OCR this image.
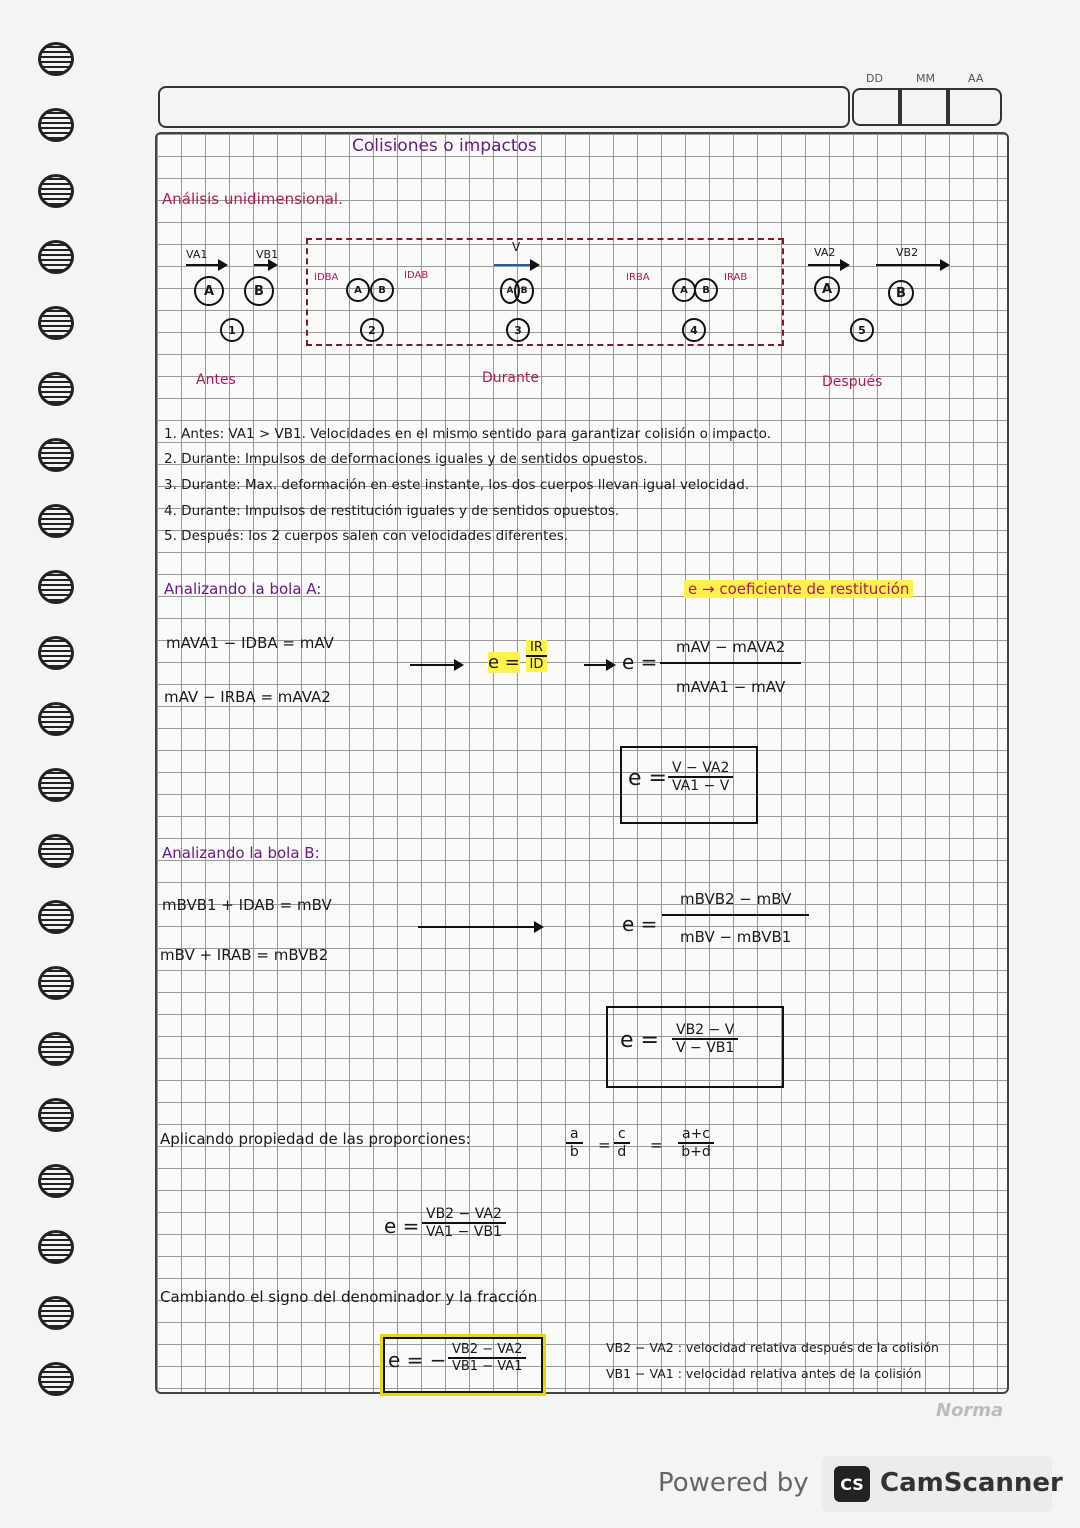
DD	MM	AA
Colisiones o impactos
Análisis unidimensional.
VA1	VB1
A	B
1
IDBA	IDAB
A	B
2
V
A B
3
IRBA	IRAB
A	B
4
VA2	VB2
A	B
5
Antes	Durante	Después
1. Antes: VA1 > VB1. Velocidades en el mismo sentido para garantizar colisión o impacto.
2. Durante: Impulsos de deformaciones iguales y de sentidos opuestos.
3. Durante: Max. deformación en este instante, los dos cuerpos llevan igual velocidad.
4. Durante: Impulsos de restitución iguales y de sentidos opuestos.
5. Después: los 2 cuerpos salen con velocidades diferentes.
Analizando la bola A:	e → coeficiente de restitución
mAVA1 − IDBA = mAV
mAV − IRBA = mAVA2
$e = \frac{IR}{ID}$	e =
mAV − mAVA2
mAVA1 − mAV
$e = \frac{V - VA2}{VA1 - V}$
Analizando la bola B:
mBVB1 + IDAB = mBV
mBV + IRAB = mBVB2
e =
mBVB2 − mBV
mBV − mBVB1
$e = \frac{VB2 - V}{V - VB1}$
Aplicando propiedad de las proporciones:	$\frac{a}{b} = \frac{c}{d} = \frac{a+c}{b+d}$
$e = \frac{VB2 - VA2}{VA1 - VB1}$
Cambiando el signo del denominador y la fracción
e = − $\frac{VB2 - VA2}{VB1 - VA1}$	VB2 − VA2 : velocidad relativa después de la colisión
VB1 − VA1 : velocidad relativa antes de la colisión
Norma
Powered by	CS CamScanner
